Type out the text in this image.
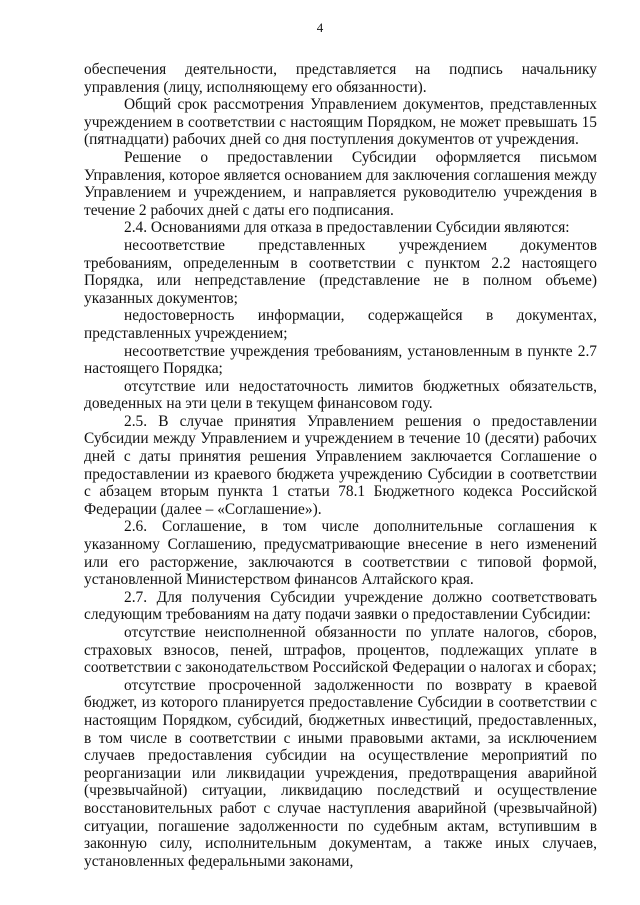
4

обеспечения деятельности, представляется на подпись начальнику управления (лицу, исполняющему его обязанности).

Общий срок рассмотрения Управлением документов, представленных учреждением в соответствии с настоящим Порядком, не может превышать 15 (пятнадцати) рабочих дней со дня поступления документов от учреждения.

Решение о предоставлении Субсидии оформляется письмом Управления, которое является основанием для заключения соглашения между Управлением и учреждением, и направляется руководителю учреждения в течение 2 рабочих дней с даты его подписания.

2.4. Основаниями для отказа в предоставлении Субсидии являются:

несоответствие представленных учреждением документов требованиям, определенным в соответствии с пунктом 2.2 настоящего Порядка, или непредставление (представление не в полном объеме) указанных документов;

недостоверность информации, содержащейся в документах, представленных учреждением;

несоответствие учреждения требованиям, установленным в пункте 2.7 настоящего Порядка;

отсутствие или недостаточность лимитов бюджетных обязательств, доведенных на эти цели в текущем финансовом году.

2.5. В случае принятия Управлением решения о предоставлении Субсидии между Управлением и учреждением в течение 10 (десяти) рабочих дней с даты принятия решения Управлением заключается Соглашение о предоставлении из краевого бюджета учреждению Субсидии в соответствии с абзацем вторым пункта 1 статьи 78.1 Бюджетного кодекса Российской Федерации (далее – «Соглашение»).

2.6. Соглашение, в том числе дополнительные соглашения к указанному Соглашению, предусматривающие внесение в него изменений или его расторжение, заключаются в соответствии с типовой формой, установленной Министерством финансов Алтайского края.

2.7. Для получения Субсидии учреждение должно соответствовать следующим требованиям на дату подачи заявки о предоставлении Субсидии:

отсутствие неисполненной обязанности по уплате налогов, сборов, страховых взносов, пеней, штрафов, процентов, подлежащих уплате в соответствии с законодательством Российской Федерации о налогах и сборах;

отсутствие просроченной задолженности по возврату в краевой бюджет, из которого планируется предоставление Субсидии в соответствии с настоящим Порядком, субсидий, бюджетных инвестиций, предоставленных, в том числе в соответствии с иными правовыми актами, за исключением случаев предоставления субсидии на осуществление мероприятий по реорганизации или ликвидации учреждения, предотвращения аварийной (чрезвычайной) ситуации, ликвидацию последствий и осуществление восстановительных работ с случае наступления аварийной (чрезвычайной) ситуации, погашение задолженности по судебным актам, вступившим в законную силу, исполнительным документам, а также иных случаев, установленных федеральными законами,
